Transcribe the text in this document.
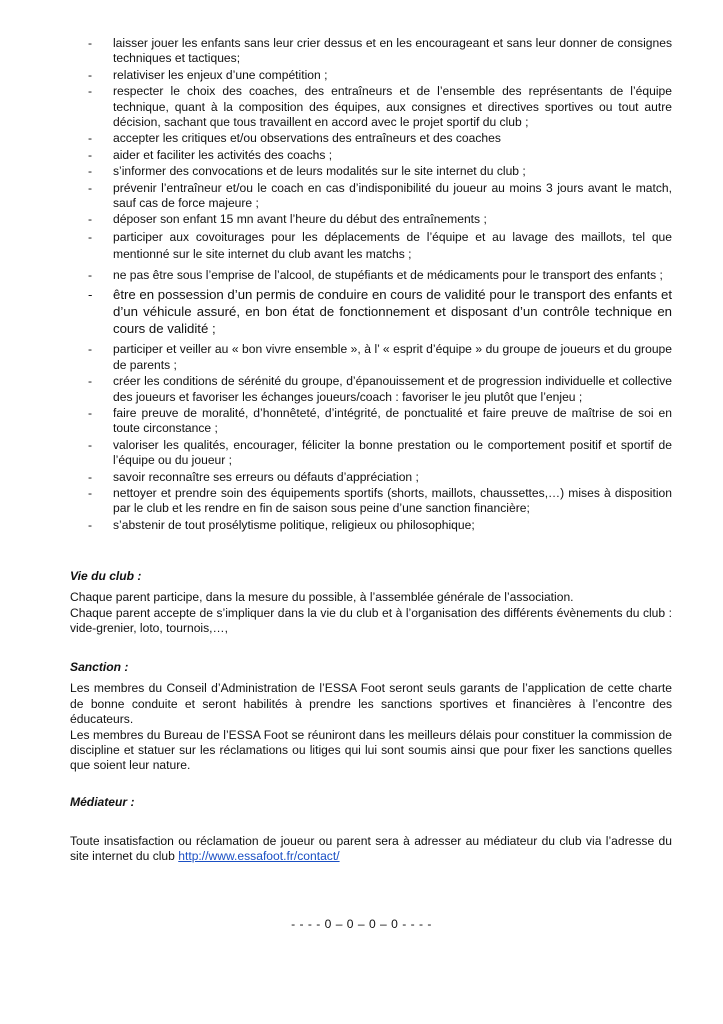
- laisser jouer les enfants sans leur crier dessus et en les encourageant et sans leur donner de consignes techniques et tactiques;
- relativiser les enjeux d’une compétition ;
- respecter le choix des coaches, des entraîneurs et de l’ensemble des représentants de l’équipe technique, quant à la composition des équipes, aux consignes et directives sportives ou tout autre décision, sachant que tous travaillent en accord avec le projet sportif du club ;
- accepter les critiques et/ou observations des entraîneurs et des coaches
- aider et faciliter les activités des coachs ;
- s’informer des convocations et de leurs modalités sur le site internet du club ;
- prévenir l’entraîneur et/ou le coach en cas d’indisponibilité du joueur au moins 3 jours avant le match, sauf cas de force majeure ;
- déposer son enfant 15 mn avant l’heure du début des entraînements ;
- participer aux covoiturages pour les déplacements de l’équipe et au lavage des maillots, tel que mentionné sur le site internet du club avant les matchs ;
- ne pas être sous l’emprise de l’alcool, de stupéfiants et de médicaments pour le transport des enfants ;
- être en possession d’un permis de conduire en cours de validité pour le transport des enfants et d’un véhicule assuré, en bon état de fonctionnement et disposant d’un contrôle technique en cours de validité ;
- participer et veiller au « bon vivre ensemble », à l’ « esprit d’équipe » du groupe de joueurs et du groupe de parents ;
- créer les conditions de sérénité du groupe, d’épanouissement et de progression individuelle et collective des joueurs et favoriser les échanges joueurs/coach : favoriser le jeu plutôt que l’enjeu ;
- faire preuve de moralité, d’honnêteté, d’intégrité, de ponctualité et faire preuve de maîtrise de soi en toute circonstance ;
- valoriser les qualités, encourager, féliciter la bonne prestation ou le comportement positif et sportif de l’équipe ou du joueur ;
- savoir reconnaître ses erreurs ou défauts d’appréciation ;
- nettoyer et prendre soin des équipements sportifs (shorts, maillots, chaussettes,…) mises à disposition par le club et les rendre en fin de saison sous peine d’une sanction financière;
- s’abstenir de tout prosélytisme politique, religieux ou philosophique;
Vie du club :

Chaque parent participe, dans la mesure du possible, à l’assemblée générale de l’association.

Chaque parent accepte de s’impliquer dans la vie du club et à l’organisation des différents évènements du club : vide-grenier, loto, tournois,…,

Sanction :

Les membres du Conseil d’Administration de l’ESSA Foot seront seuls garants de l’application de cette charte de bonne conduite et seront habilités à prendre les sanctions sportives et financières à l’encontre des éducateurs.

Les membres du Bureau de l’ESSA Foot se réuniront dans les meilleurs délais pour constituer la commission de discipline et statuer sur les réclamations ou litiges qui lui sont soumis ainsi que pour fixer les sanctions quelles que soient leur nature.

Médiateur :

Toute insatisfaction ou réclamation de joueur ou parent sera à adresser au médiateur du club via l’adresse du site internet du club http://www.essafoot.fr/contact/

- - - - 0 – 0 – 0 – 0 - - - -
